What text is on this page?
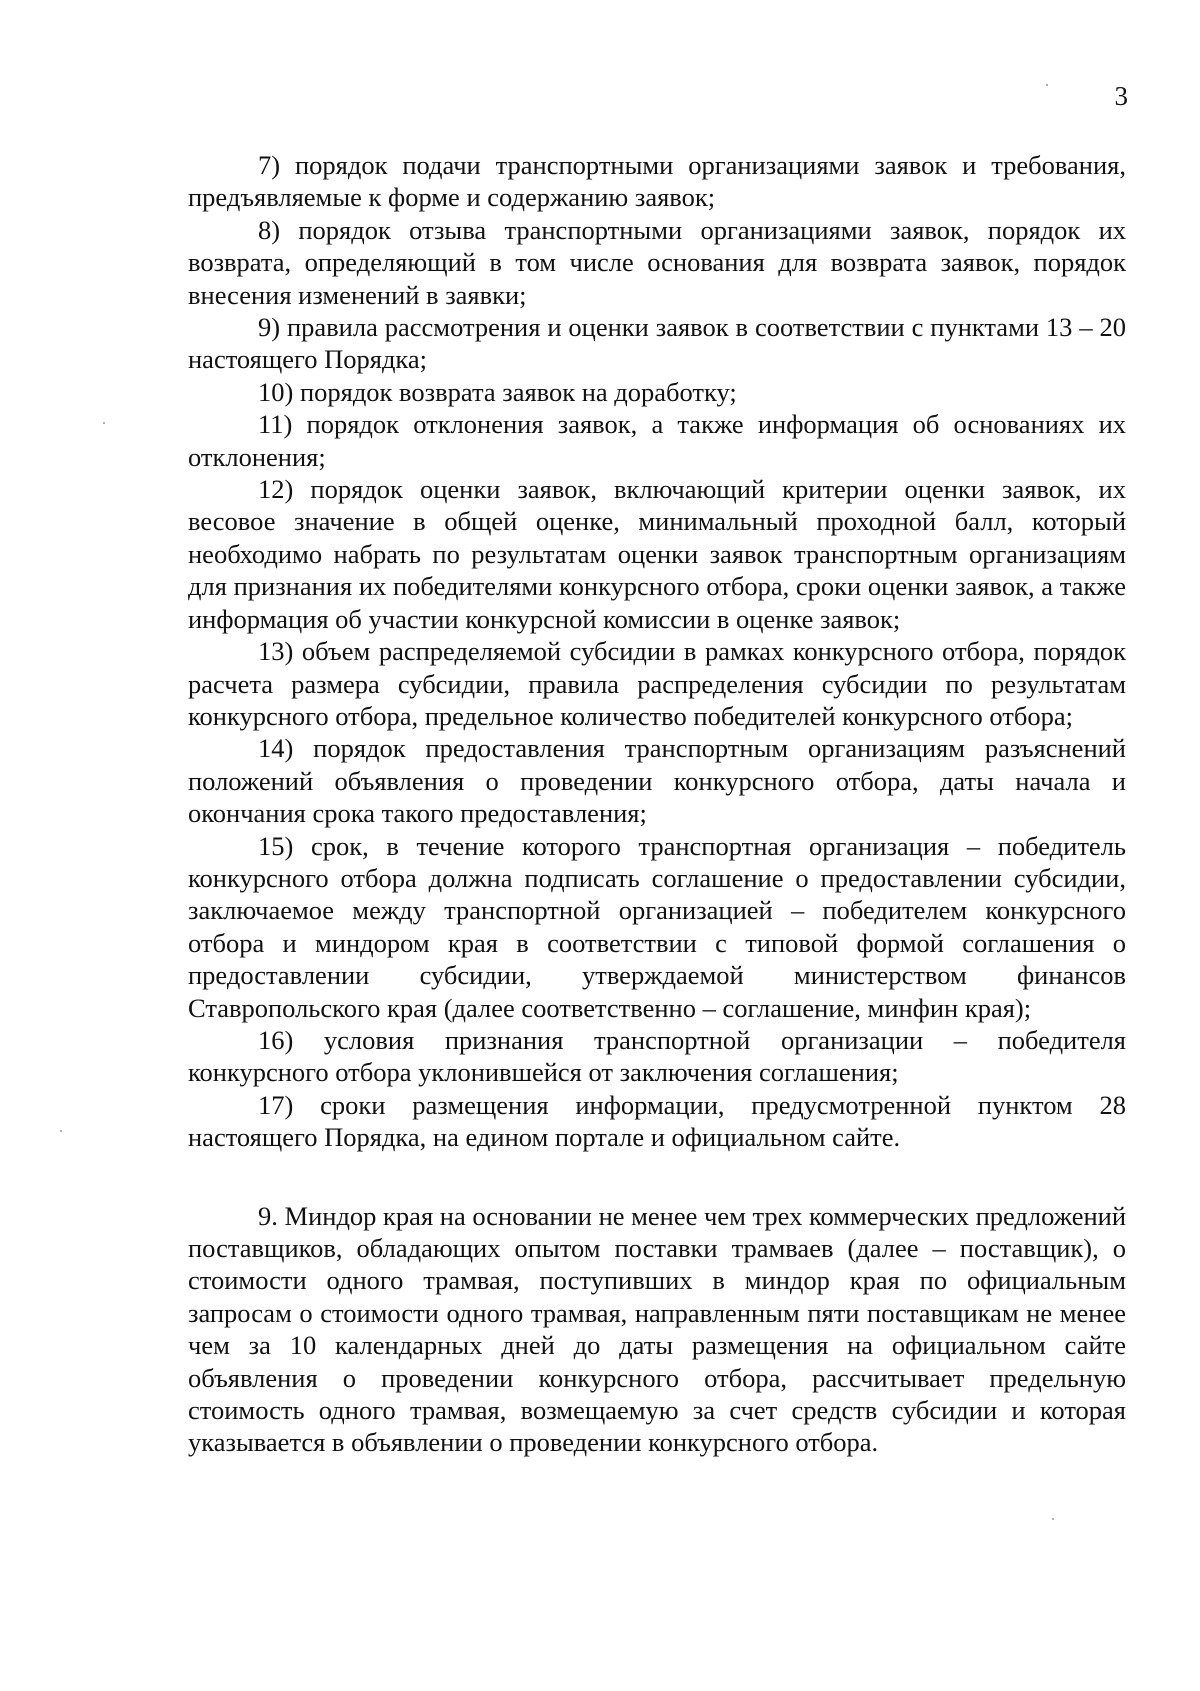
3

7) порядок подачи транспортными организациями заявок и требования, предъявляемые к форме и содержанию заявок;

8) порядок отзыва транспортными организациями заявок, порядок их возврата, определяющий в том числе основания для возврата заявок, порядок внесения изменений в заявки;

9) правила рассмотрения и оценки заявок в соответствии с пунктами 13 – 20 настоящего Порядка;

10) порядок возврата заявок на доработку;

11) порядок отклонения заявок, а также информация об основаниях их отклонения;

12) порядок оценки заявок, включающий критерии оценки заявок, их весовое значение в общей оценке, минимальный проходной балл, который необходимо набрать по результатам оценки заявок транспортным организациям для признания их победителями конкурсного отбора, сроки оценки заявок, а также информация об участии конкурсной комиссии в оценке заявок;

13) объем распределяемой субсидии в рамках конкурсного отбора, порядок расчета размера субсидии, правила распределения субсидии по результатам конкурсного отбора, предельное количество победителей конкурсного отбора;

14) порядок предоставления транспортным организациям разъяснений положений объявления о проведении конкурсного отбора, даты начала и окончания срока такого предоставления;

15) срок, в течение которого транспортная организация – победитель конкурсного отбора должна подписать соглашение о предоставлении субсидии, заключаемое между транспортной организацией – победителем конкурсного отбора и миндором края в соответствии с типовой формой соглашения о предоставлении субсидии, утверждаемой министерством финансов Ставропольского края (далее соответственно – соглашение, минфин края);

16) условия признания транспортной организации – победителя конкурсного отбора уклонившейся от заключения соглашения;

17) сроки размещения информации, предусмотренной пунктом 28 настоящего Порядка, на едином портале и официальном сайте.

9. Миндор края на основании не менее чем трех коммерческих предложений поставщиков, обладающих опытом поставки трамваев (далее – поставщик), о стоимости одного трамвая, поступивших в миндор края по официальным запросам о стоимости одного трамвая, направленным пяти поставщикам не менее чем за 10 календарных дней до даты размещения на официальном сайте объявления о проведении конкурсного отбора, рассчитывает предельную стоимость одного трамвая, возмещаемую за счет средств субсидии и которая указывается в объявлении о проведении конкурсного отбора.
